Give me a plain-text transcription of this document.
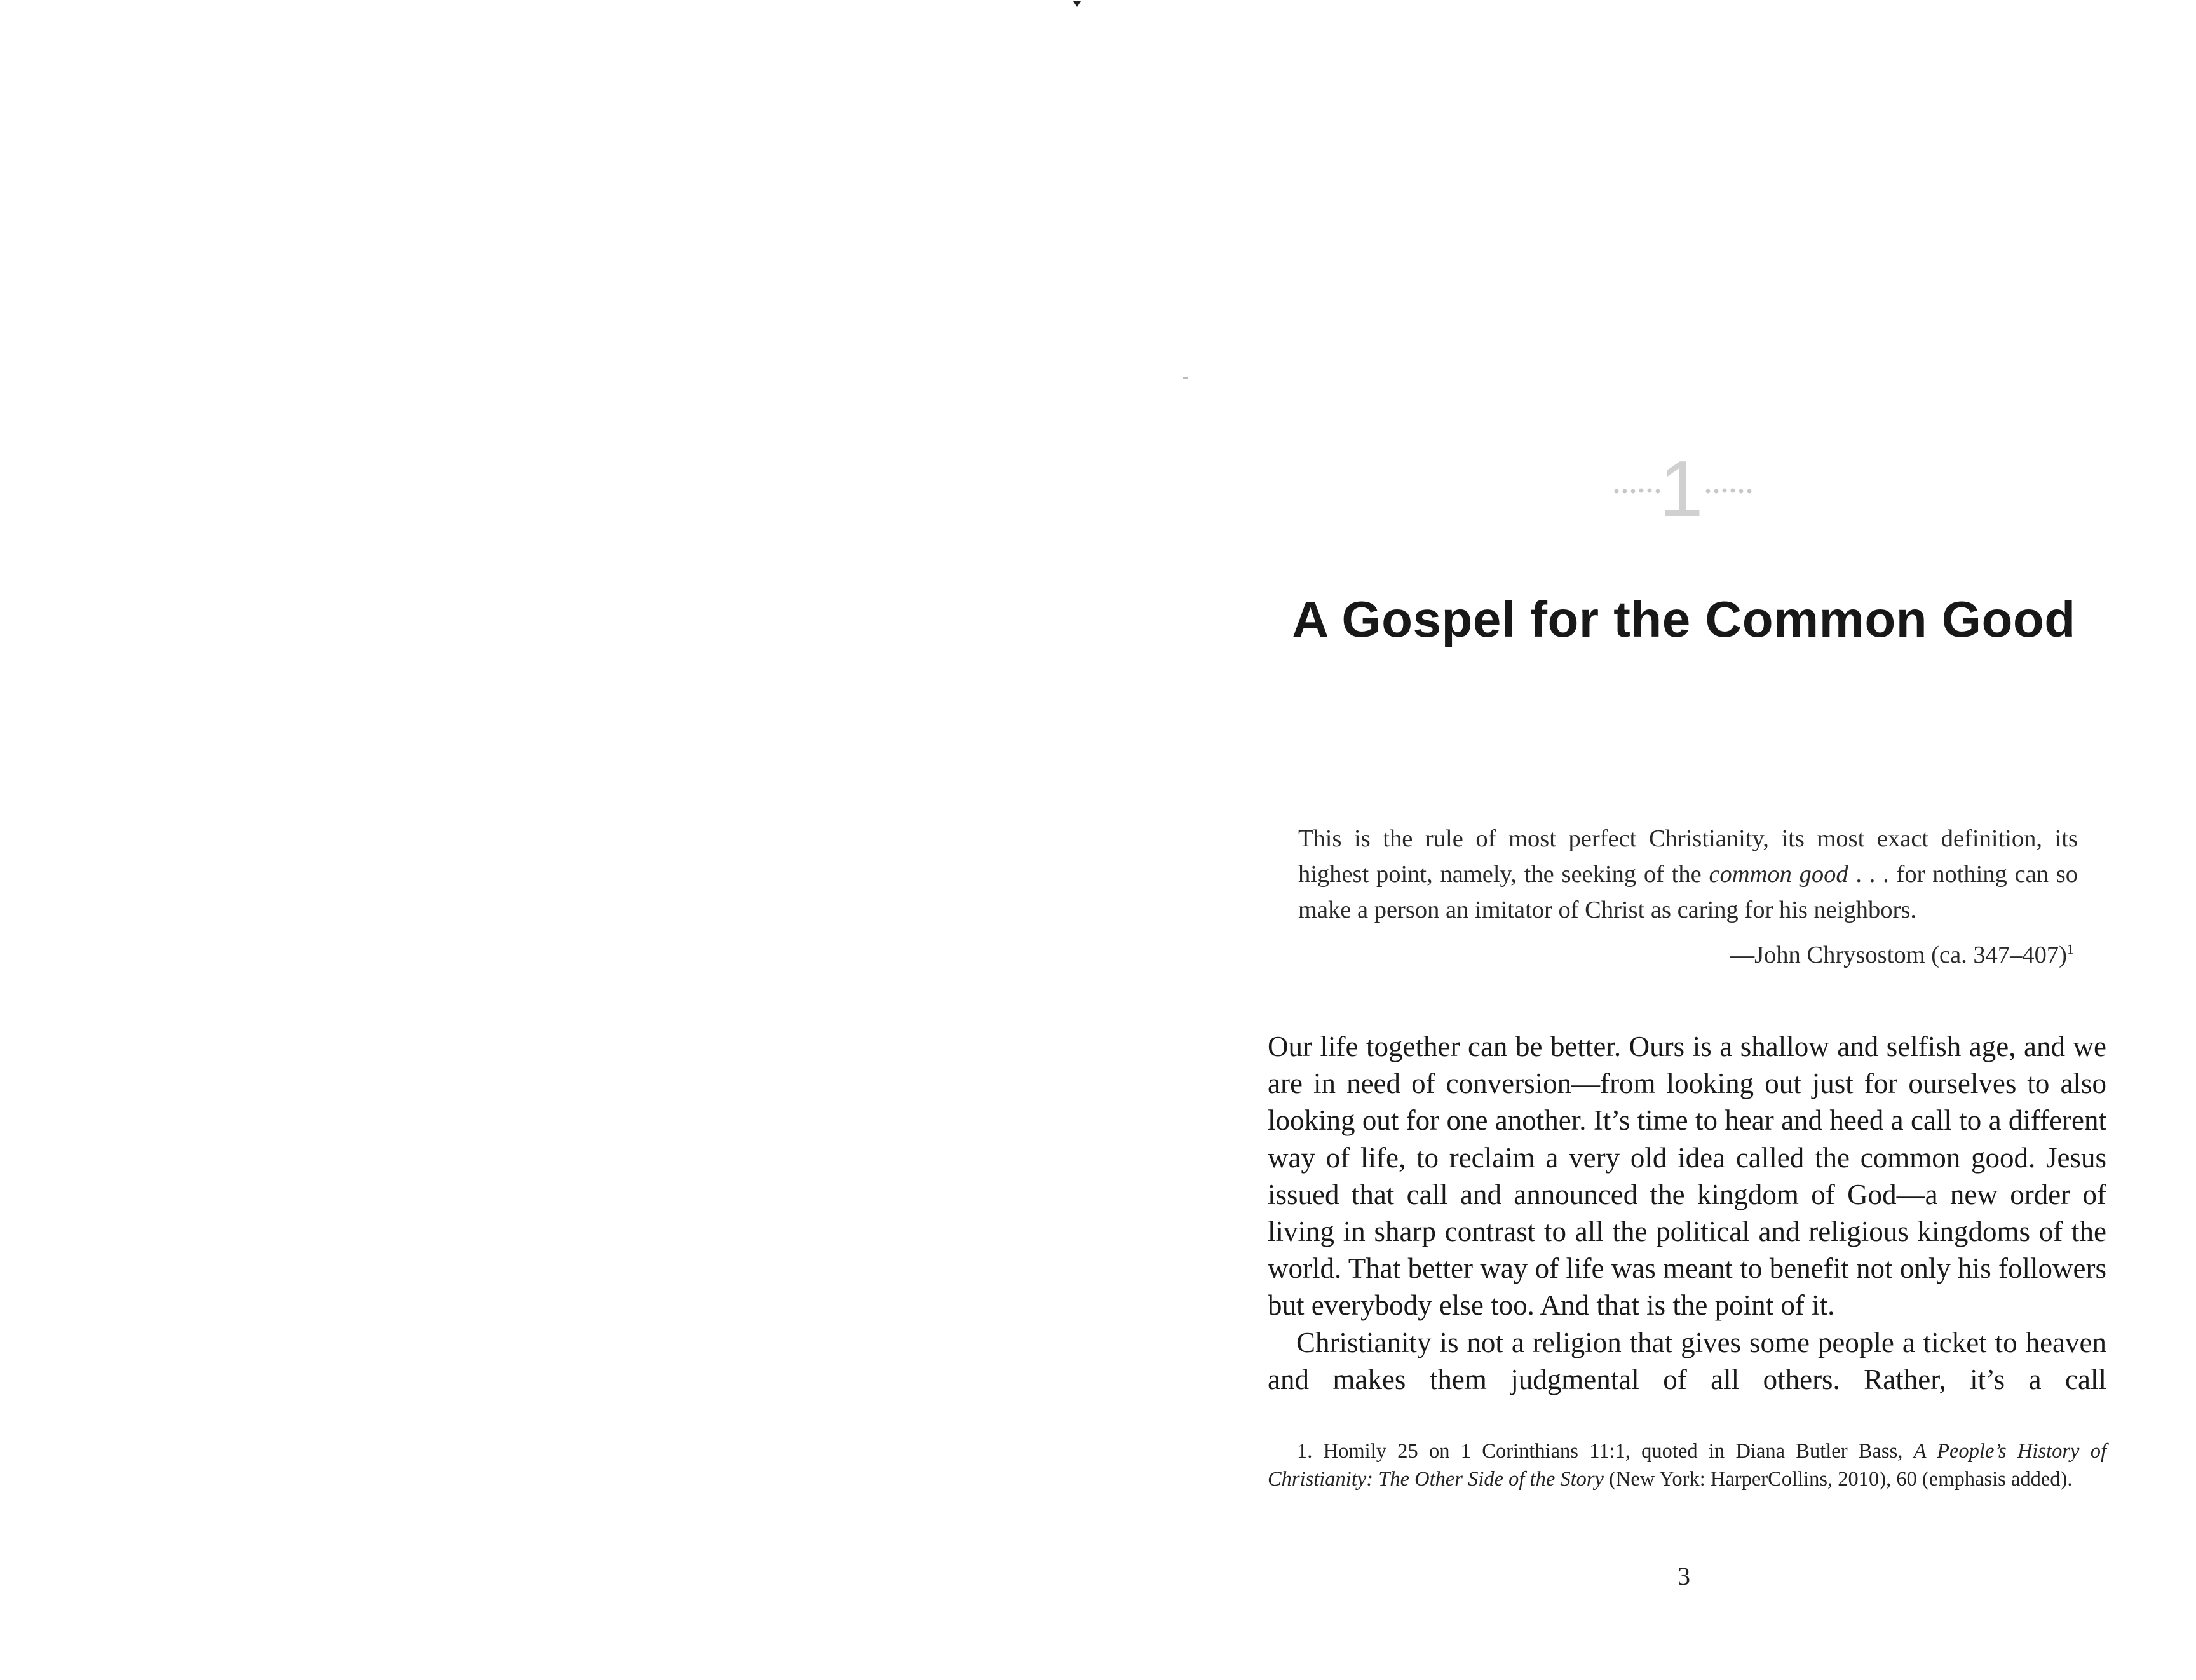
1
A Gospel for the Common Good

This is the rule of most perfect Christianity, its most exact definition, its highest point, namely, the seeking of the common good . . . for nothing can so make a person an imitator of Christ as caring for his neighbors.

—John Chrysostom (ca. 347–407)$^1$

Our life together can be better. Ours is a shallow and selfish age, and we are in need of conversion—from looking out just for ourselves to also looking out for one another. It’s time to hear and heed a call to a different way of life, to reclaim a very old idea called the common good. Jesus issued that call and announced the kingdom of God—a new order of living in sharp contrast to all the political and religious kingdoms of the world. That better way of life was meant to benefit not only his followers but everybody else too. And that is the point of it.

Christianity is not a religion that gives some people a ticket to heaven and makes them judgmental of all others. Rather, it’s a call

1. Homily 25 on 1 Corinthians 11:1, quoted in Diana Butler Bass, A People’s History of Christianity: The Other Side of the Story (New York: HarperCollins, 2010), 60 (emphasis added).

3
